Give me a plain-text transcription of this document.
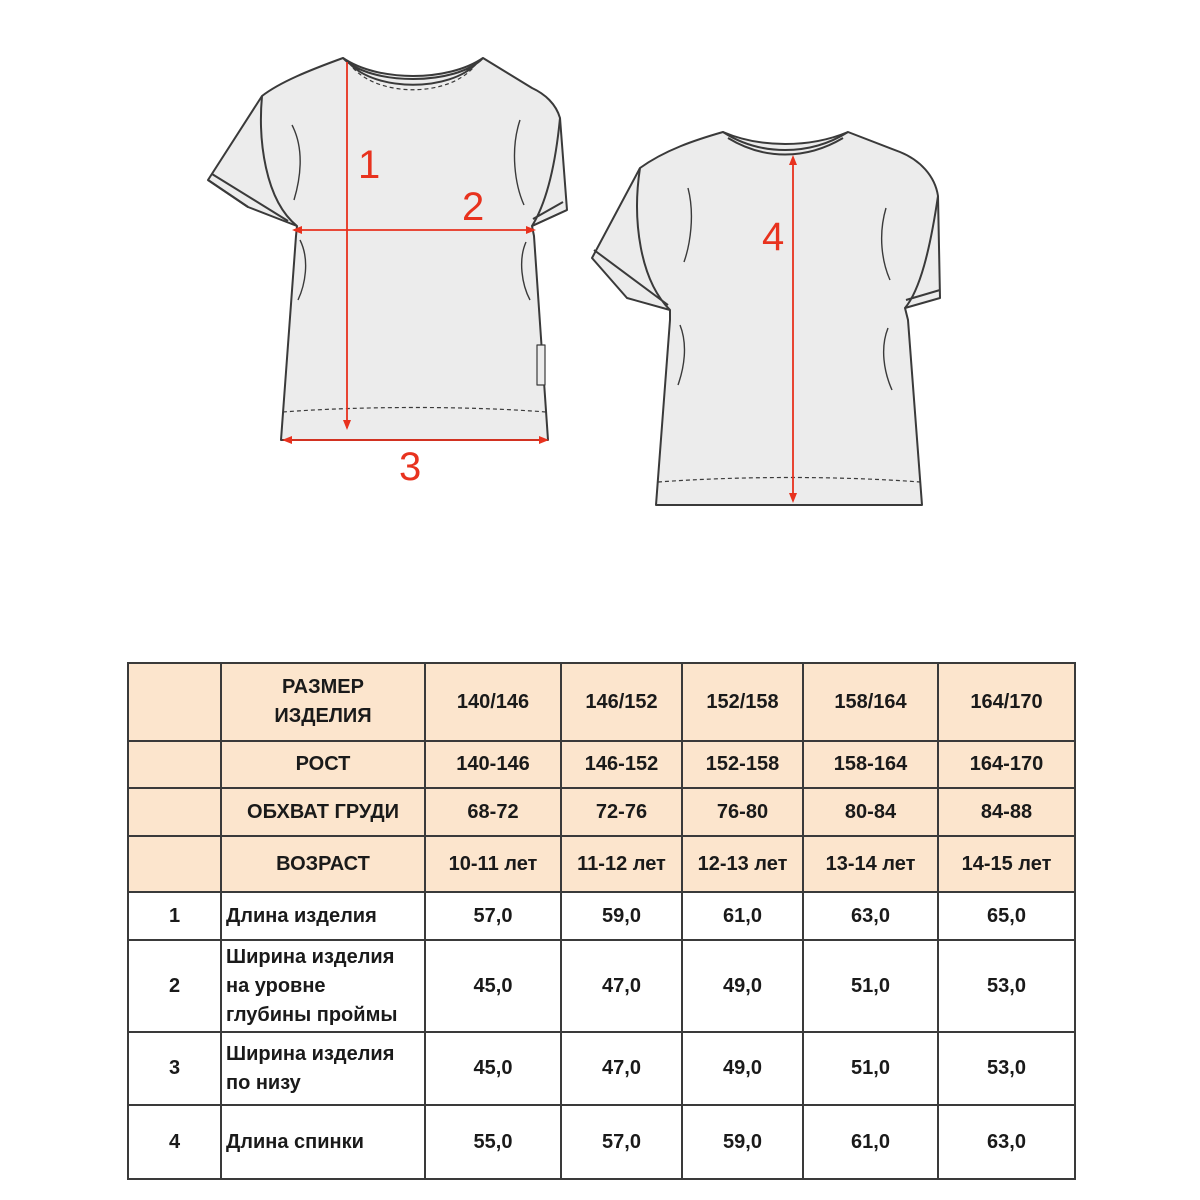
1
2
3
4
	РАЗМЕР
ИЗДЕЛИЯ	140/146	146/152	152/158	158/164	164/170
	РОСТ	140-146	146-152	152-158	158-164	164-170
	ОБХВАТ ГРУДИ	68-72	72-76	76-80	80-84	84-88
	ВОЗРАСТ	10-11 лет	11-12 лет	12-13 лет	13-14 лет	14-15 лет
1	Длина изделия	57,0	59,0	61,0	63,0	65,0
2	Ширина изделия
на уровне
глубины проймы	45,0	47,0	49,0	51,0	53,0
3	Ширина изделия
по низу	45,0	47,0	49,0	51,0	53,0
4	Длина спинки	55,0	57,0	59,0	61,0	63,0
